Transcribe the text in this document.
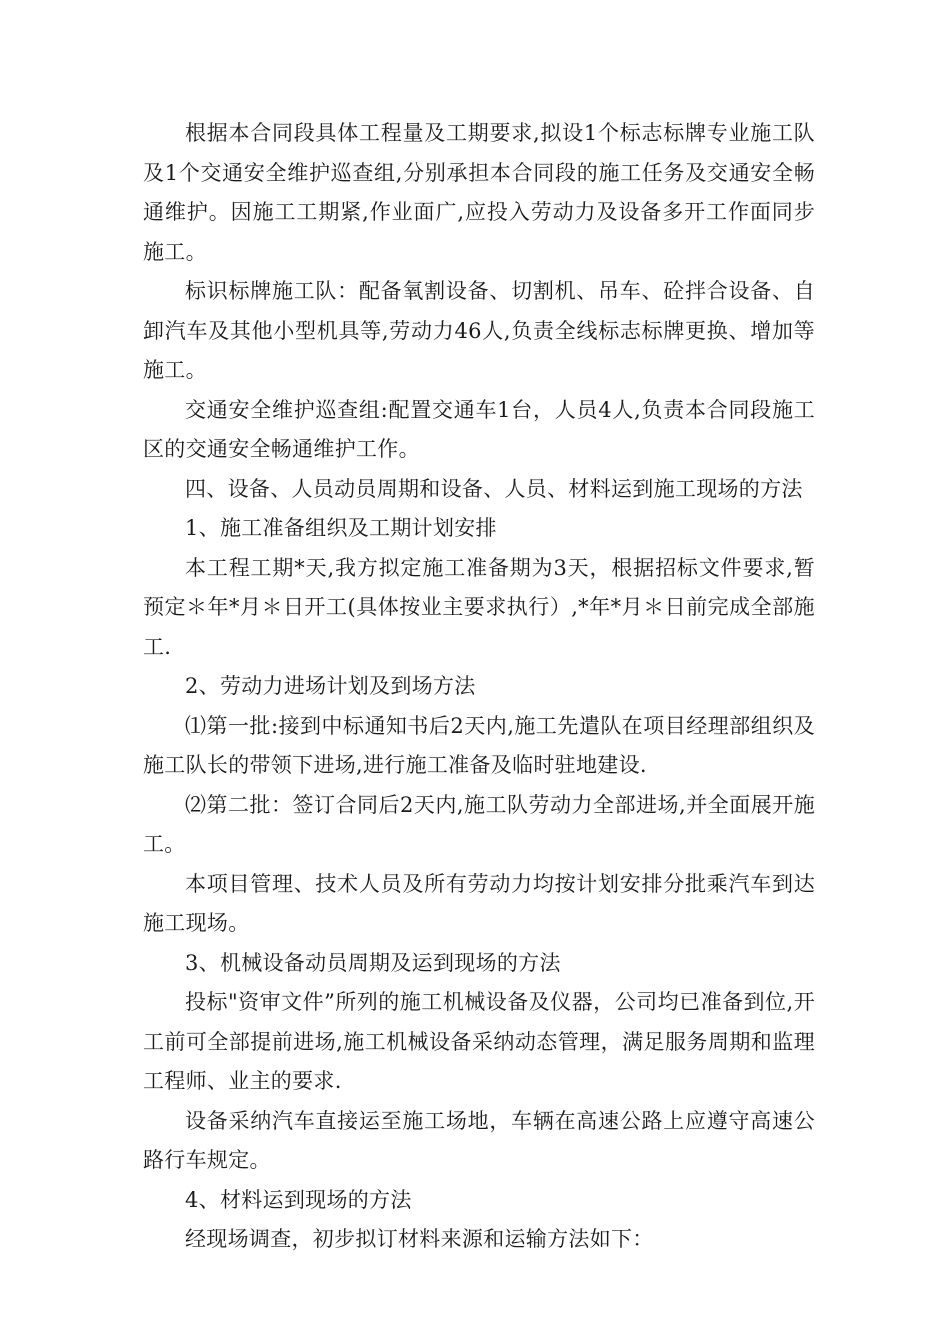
根据本合同段具体工程量及工期要求,拟设1个标志标牌专业施工队及1个交通安全维护巡查组,分别承担本合同段的施工任务及交通安全畅通维护。因施工工期紧,作业面广,应投入劳动力及设备多开工作面同步施工。

标识标牌施工队：配备氧割设备、切割机、吊车、砼拌合设备、自卸汽车及其他小型机具等,劳动力46人,负责全线标志标牌更换、增加等施工。

交通安全维护巡查组:配置交通车1台，人员4人,负责本合同段施工区的交通安全畅通维护工作。

四、设备、人员动员周期和设备、人员、材料运到施工现场的方法

1、施工准备组织及工期计划安排

本工程工期*天,我方拟定施工准备期为3天，根据招标文件要求,暂预定＊年*月＊日开工(具体按业主要求执行）,*年*月＊日前完成全部施工.

2、劳动力进场计划及到场方法

⑴第一批:接到中标通知书后2天内,施工先遣队在项目经理部组织及施工队长的带领下进场,进行施工准备及临时驻地建设.

⑵第二批：签订合同后2天内,施工队劳动力全部进场,并全面展开施工。

本项目管理、技术人员及所有劳动力均按计划安排分批乘汽车到达施工现场。

3、机械设备动员周期及运到现场的方法

投标"资审文件”所列的施工机械设备及仪器，公司均已准备到位,开工前可全部提前进场,施工机械设备采纳动态管理，满足服务周期和监理工程师、业主的要求.

设备采纳汽车直接运至施工场地，车辆在高速公路上应遵守高速公路行车规定。

4、材料运到现场的方法

经现场调查，初步拟订材料来源和运输方法如下：
